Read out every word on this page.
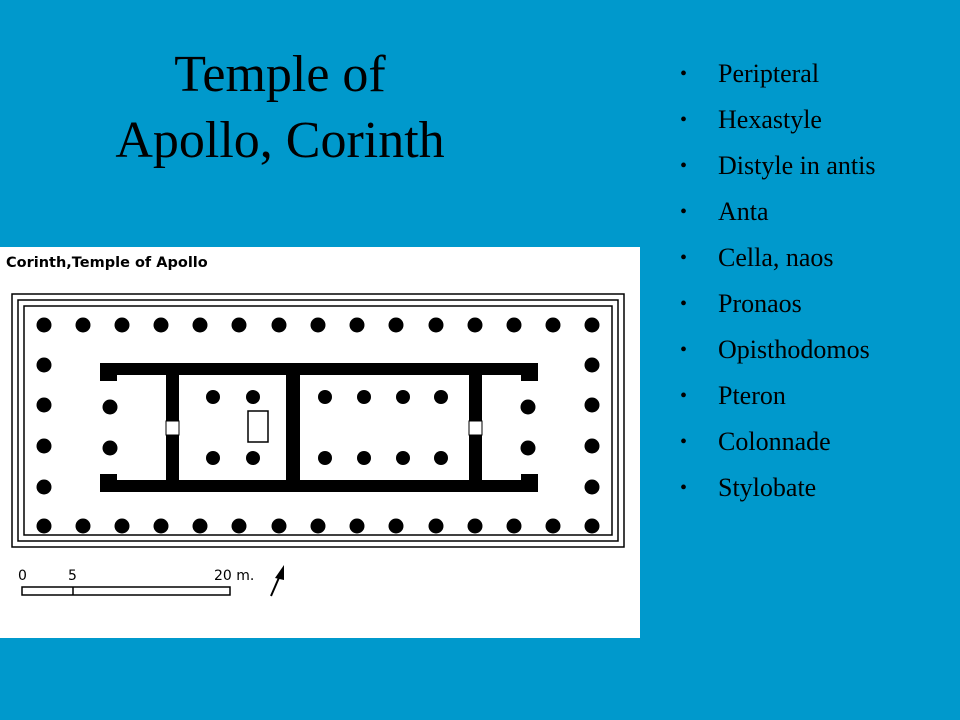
Temple of
Apollo, Corinth
• Peripteral
• Hexastyle
• Distyle in antis
• Anta
• Cella, naos
• Pronaos
• Opisthodomos
• Pteron
• Colonnade
• Stylobate
Corinth,Temple of Apollo
0	5	20 m.
